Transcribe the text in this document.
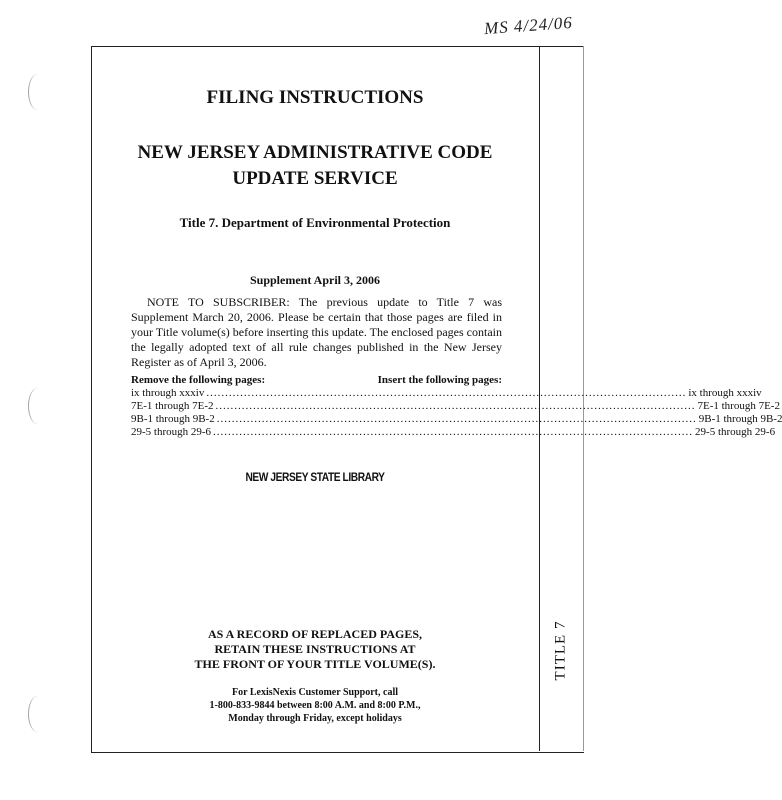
MS 4/24/06
TITLE 7
FILING INSTRUCTIONS
NEW JERSEY ADMINISTRATIVE CODE
UPDATE SERVICE
Title 7. Department of Environmental Protection
Supplement April 3, 2006
NOTE TO SUBSCRIBER: The previous update to Title 7 was Supplement March 20, 2006. Please be certain that those pages are filed in your Title volume(s) before inserting this update. The enclosed pages contain the legally adopted text of all rule changes published in the New Jersey Register as of April 3, 2006.
Remove the following pages:	Insert the following pages:
ix through xxxiv ................................................................................................................................ ix through xxxiv
7E-1 through 7E-2 ................................................................................................................................ 7E-1 through 7E-2
9B-1 through 9B-2 ................................................................................................................................ 9B-1 through 9B-2
29-5 through 29-6 ................................................................................................................................ 29-5 through 29-6
NEW JERSEY STATE LIBRARY
AS A RECORD OF REPLACED PAGES,
RETAIN THESE INSTRUCTIONS AT
THE FRONT OF YOUR TITLE VOLUME(S).
For LexisNexis Customer Support, call
1-800-833-9844 between 8:00 A.M. and 8:00 P.M.,
Monday through Friday, except holidays
